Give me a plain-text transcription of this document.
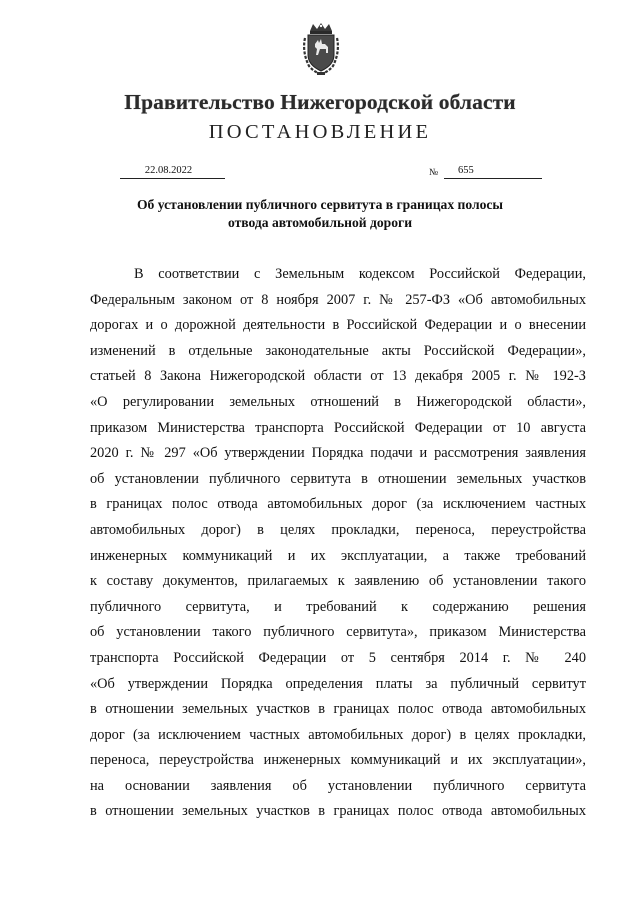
Правительство Нижегородской области
ПОСТАНОВЛЕНИЕ
22.08.2022	№	655
Об установлении публичного сервитута в границах полосы
отвода автомобильной дороги
В соответствии с Земельным кодексом Российской Федерации,
Федеральным законом от 8 ноября 2007 г. № 257-ФЗ «Об автомобильных
дорогах и о дорожной деятельности в Российской Федерации и о внесении
изменений в отдельные законодательные акты Российской Федерации»,
статьей 8 Закона Нижегородской области от 13 декабря 2005 г. № 192-З
«О регулировании земельных отношений в Нижегородской области»,
приказом Министерства транспорта Российской Федерации от 10 августа
2020 г. № 297 «Об утверждении Порядка подачи и рассмотрения заявления
об установлении публичного сервитута в отношении земельных участков
в границах полос отвода автомобильных дорог (за исключением частных
автомобильных дорог) в целях прокладки, переноса, переустройства
инженерных коммуникаций и их эксплуатации, а также требований
к составу документов, прилагаемых к заявлению об установлении такого
публичного сервитута, и требований к содержанию решения
об установлении такого публичного сервитута», приказом Министерства
транспорта Российской Федерации от 5 сентября 2014 г. № 240
«Об утверждении Порядка определения платы за публичный сервитут
в отношении земельных участков в границах полос отвода автомобильных
дорог (за исключением частных автомобильных дорог) в целях прокладки,
переноса, переустройства инженерных коммуникаций и их эксплуатации»,
на основании заявления об установлении публичного сервитута
в отношении земельных участков в границах полос отвода автомобильных
